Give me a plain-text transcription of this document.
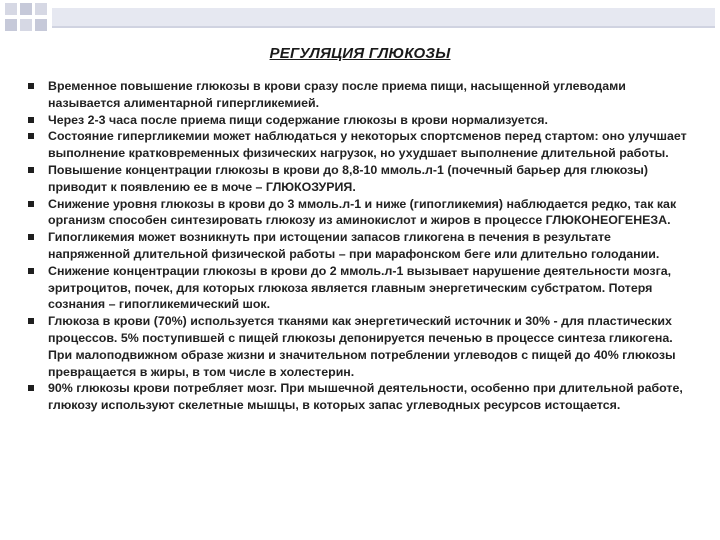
РЕГУЛЯЦИЯ ГЛЮКОЗЫ
Временное повышение глюкозы в крови сразу после приема пищи, насыщенной углеводами называется алиментарной гипергликемией.
Через 2-3 часа после приема пищи содержание глюкозы в крови нормализуется.
Состояние гипергликемии может наблюдаться у некоторых спортсменов перед стартом: оно улучшает выполнение кратковременных физических нагрузок, но ухудшает выполнение длительной работы.
Повышение концентрации глюкозы в крови до 8,8-10 ммоль.л-1 (почечный барьер для глюкозы) приводит к появлению ее в моче – ГЛЮКОЗУРИЯ.
Снижение уровня глюкозы в крови до 3 ммоль.л-1 и ниже (гипогликемия) наблюдается редко, так как организм способен синтезировать глюкозу из аминокислот и жиров в процессе ГЛЮКОНЕОГЕНЕЗА.
Гипогликемия может возникнуть при истощении запасов гликогена в печения в результате напряженной длительной физической работы – при марафонском беге или длительно голодании.
Снижение концентрации глюкозы в крови до 2 ммоль.л-1 вызывает нарушение деятельности мозга, эритроцитов, почек, для которых глюкоза является главным энергетическим субстратом. Потеря сознания – гипогликемический шок.
Глюкоза в крови (70%) используется тканями как энергетический источник и 30% - для пластических процессов. 5% поступившей с пищей глюкозы депонируется печенью в процессе синтеза гликогена. При малоподвижном образе жизни и значительном потреблении углеводов с пищей до 40% глюкозы превращается в жиры, в том числе в холестерин.
90% глюкозы крови потребляет мозг. При мышечной деятельности, особенно при длительной работе, глюкозу используют скелетные мышцы, в которых запас углеводных ресурсов истощается.
